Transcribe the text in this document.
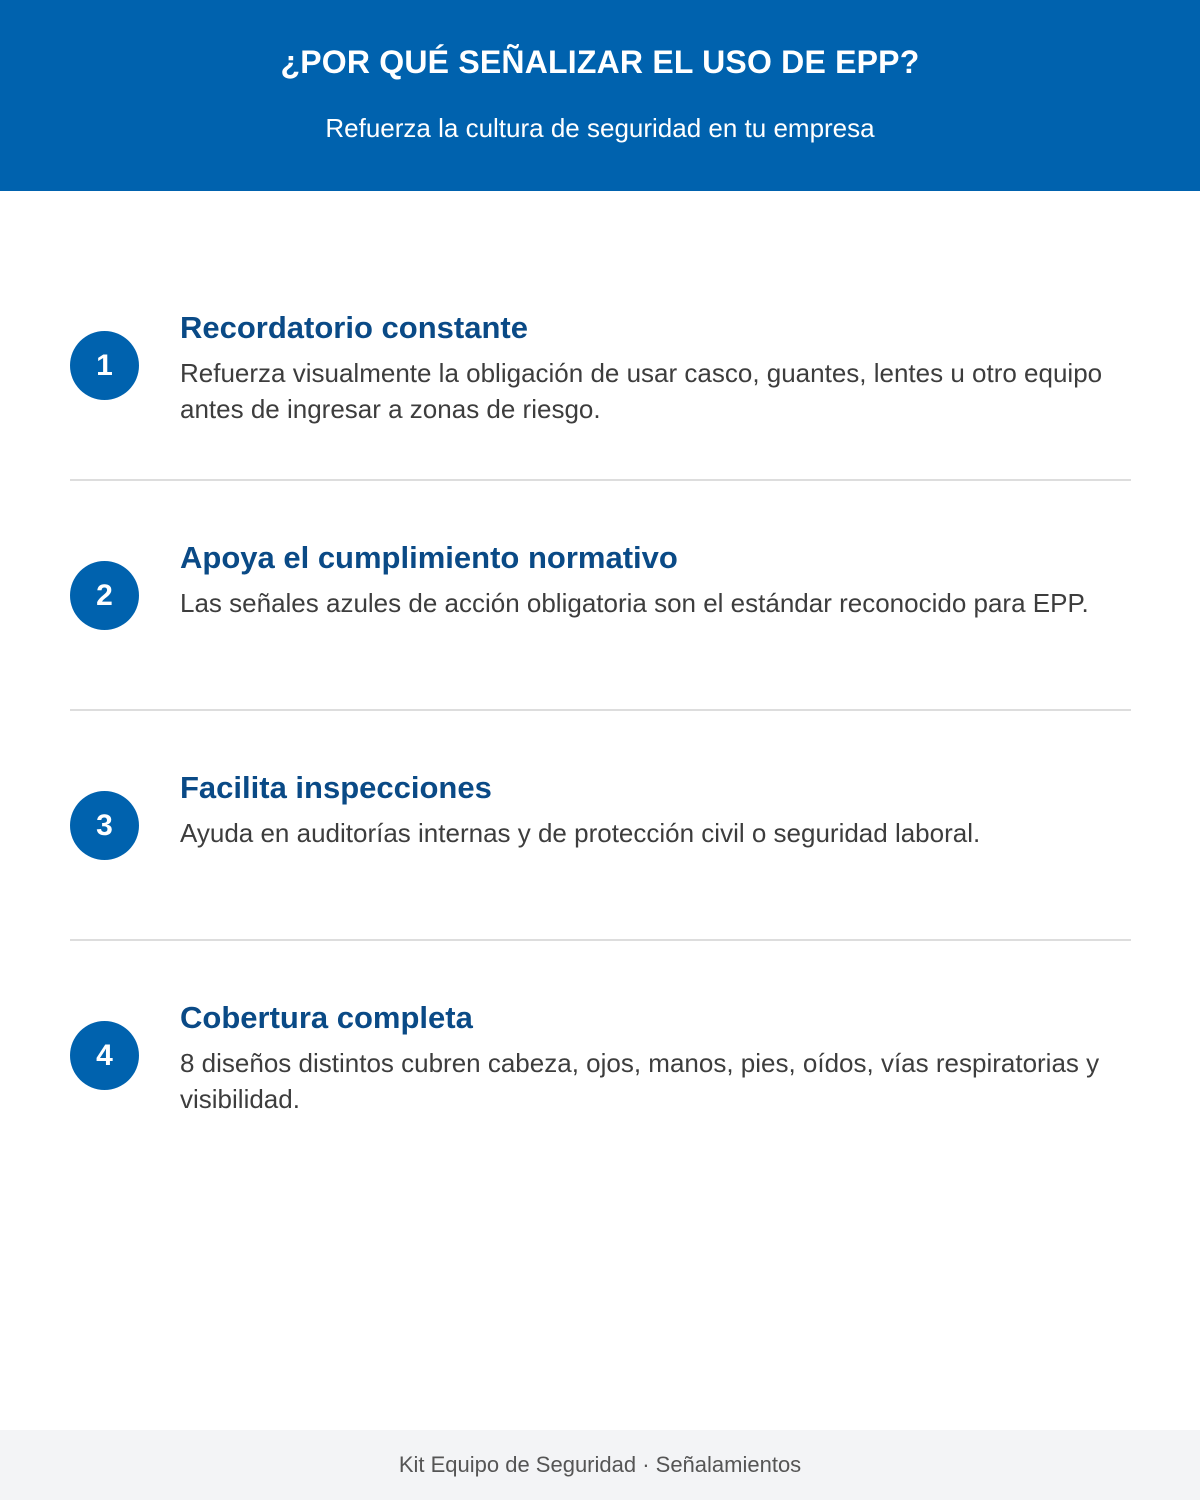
¿POR QUÉ SEÑALIZAR EL USO DE EPP?
Refuerza la cultura de seguridad en tu empresa
1
Recordatorio constante
Refuerza visualmente la obligación de usar casco, guantes, lentes u otro equipo antes de ingresar a zonas de riesgo.
2
Apoya el cumplimiento normativo
Las señales azules de acción obligatoria son el estándar reconocido para EPP.
3
Facilita inspecciones
Ayuda en auditorías internas y de protección civil o seguridad laboral.
4
Cobertura completa
8 diseños distintos cubren cabeza, ojos, manos, pies, oídos, vías respiratorias y visibilidad.
Kit Equipo de Seguridad · Señalamientos
